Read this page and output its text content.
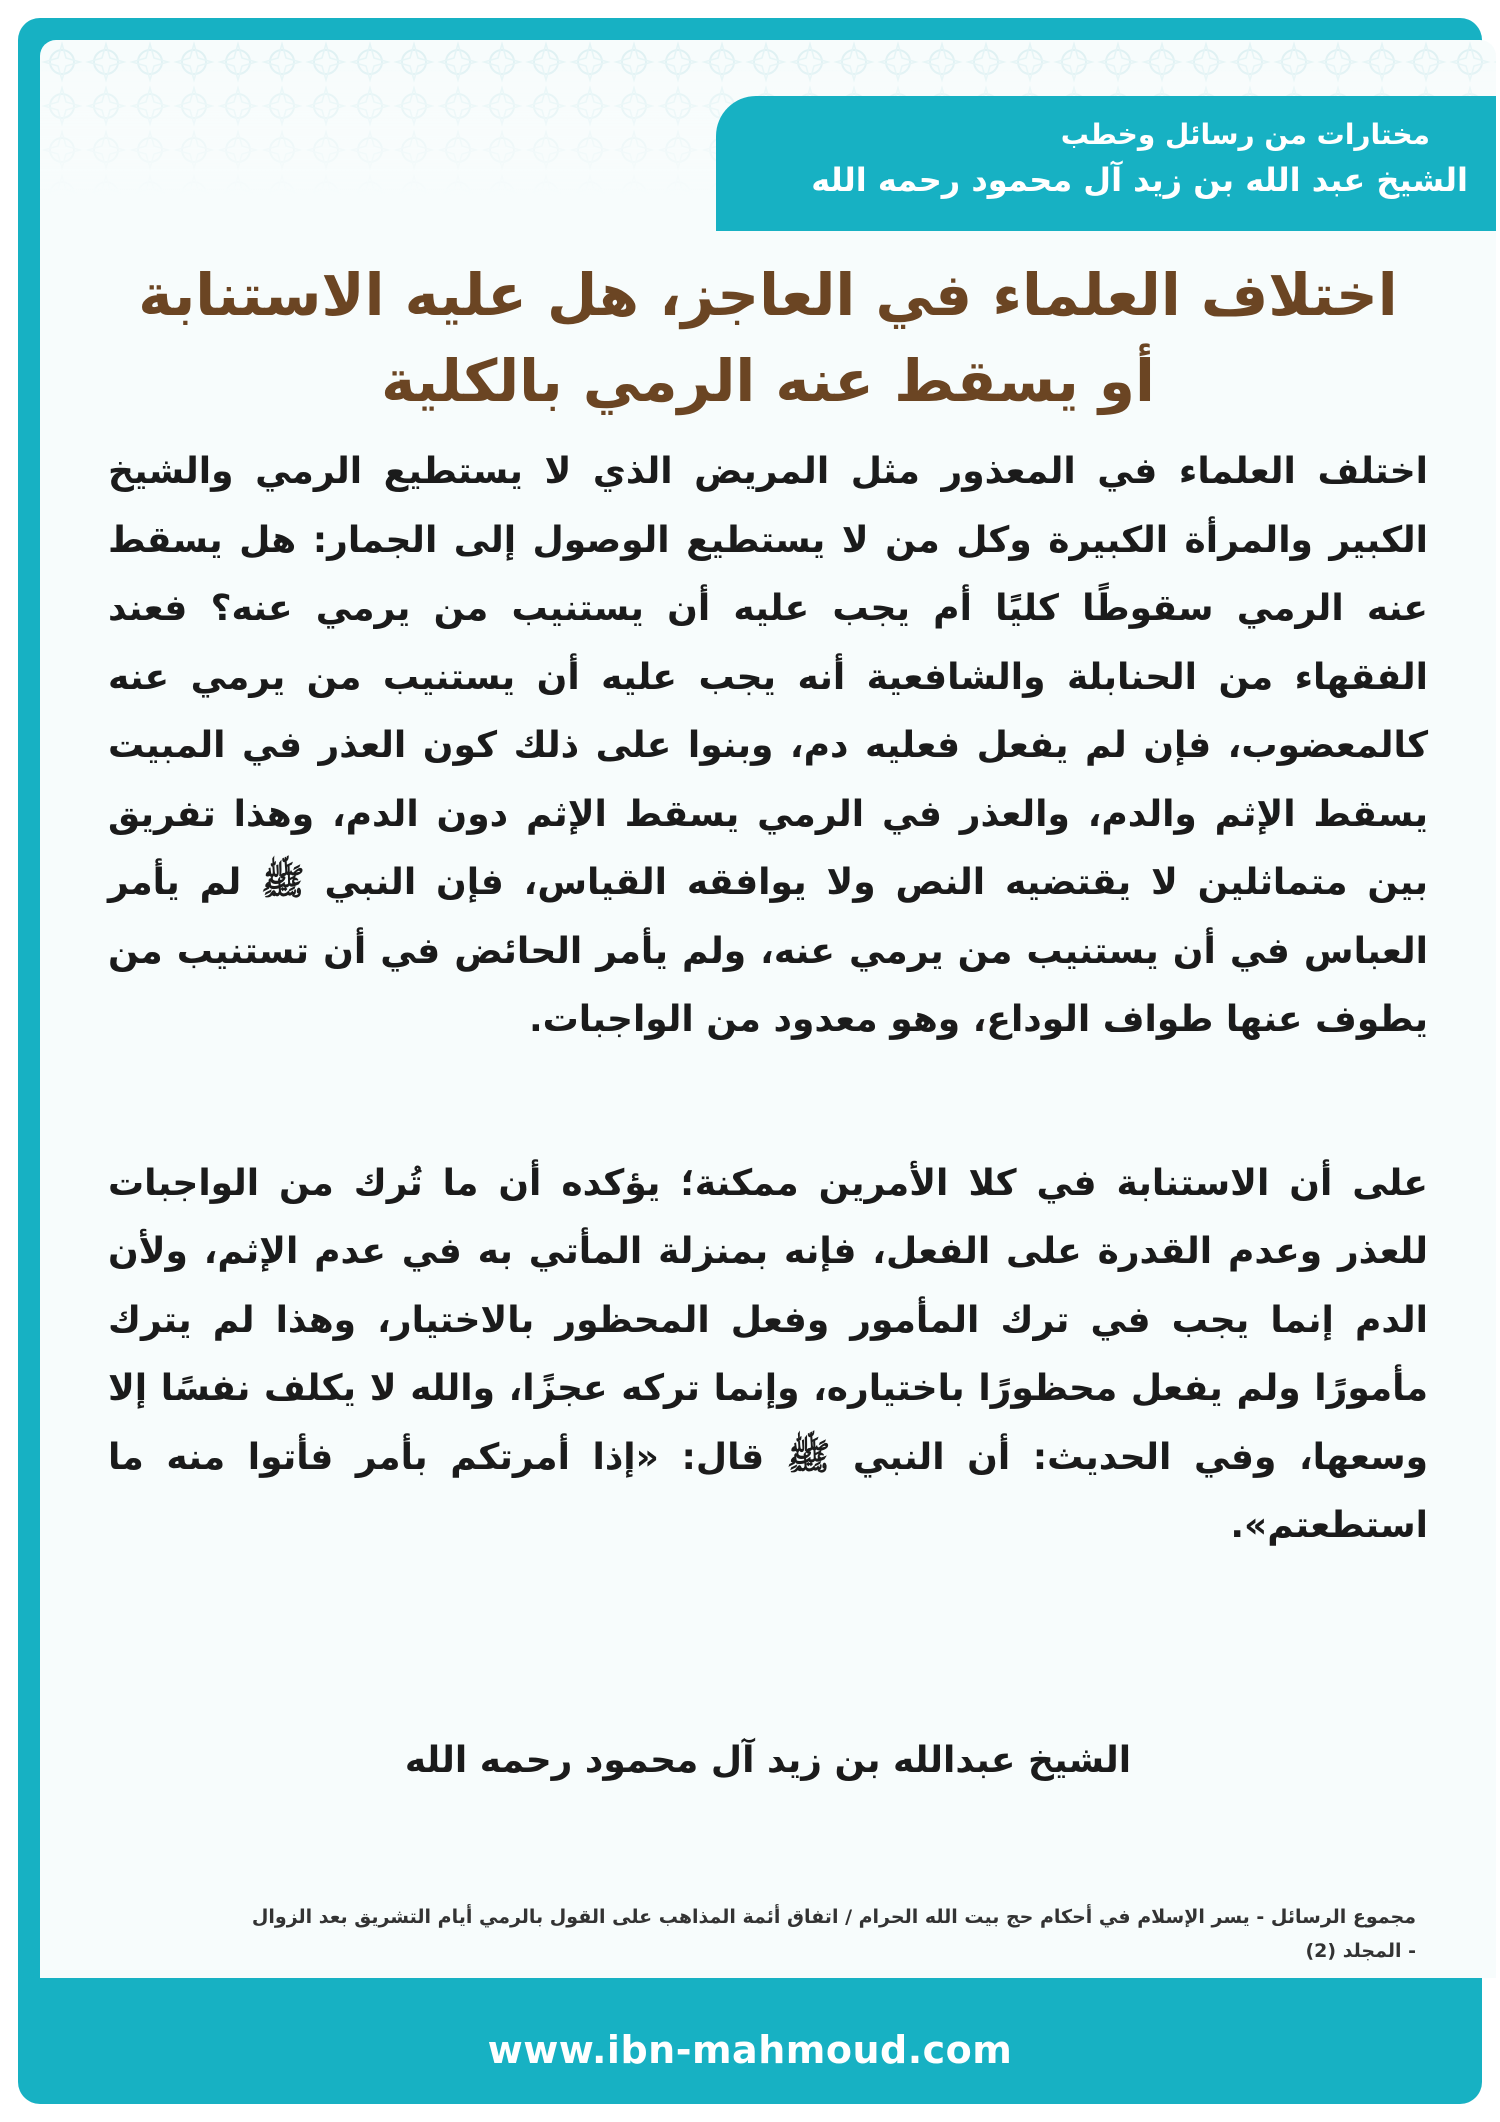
مختارات من رسائل وخطب
الشيخ عبد الله بن زيد آل محمود رحمه الله
اختلاف العلماء في العاجز، هل عليه الاستنابة
أو يسقط عنه الرمي بالكلية

اختلف العلماء في المعذور مثل المريض الذي لا يستطيع الرمي والشيخ الكبير والمرأة الكبيرة وكل من لا يستطيع الوصول إلى الجمار: هل يسقط عنه الرمي سقوطًا كليًا أم يجب عليه أن يستنيب من يرمي عنه؟ فعند الفقهاء من الحنابلة والشافعية أنه يجب عليه أن يستنيب من يرمي عنه كالمعضوب، فإن لم يفعل فعليه دم، وبنوا على ذلك كون العذر في المبيت يسقط الإثم والدم، والعذر في الرمي يسقط الإثم دون الدم، وهذا تفريق بين متماثلين لا يقتضيه النص ولا يوافقه القياس، فإن النبي ﷺ لم يأمر العباس في أن يستنيب من يرمي عنه، ولم يأمر الحائض في أن تستنيب من يطوف عنها طواف الوداع، وهو معدود من الواجبات.

على أن الاستنابة في كلا الأمرين ممكنة؛ يؤكده أن ما تُرك من الواجبات للعذر وعدم القدرة على الفعل، فإنه بمنزلة المأتي به في عدم الإثم، ولأن الدم إنما يجب في ترك المأمور وفعل المحظور بالاختيار، وهذا لم يترك مأمورًا ولم يفعل محظورًا باختياره، وإنما تركه عجزًا، والله لا يكلف نفسًا إلا وسعها، وفي الحديث: أن النبي ﷺ قال: «إذا أمرتكم بأمر فأتوا منه ما استطعتم».

الشيخ عبدالله بن زيد آل محمود رحمه الله
مجموع الرسائل - يسر الإسلام في أحكام حج بيت الله الحرام / اتفاق أئمة المذاهب على القول بالرمي أيام التشريق بعد الزوال
- المجلد (2)
www.ibn-mahmoud.com
